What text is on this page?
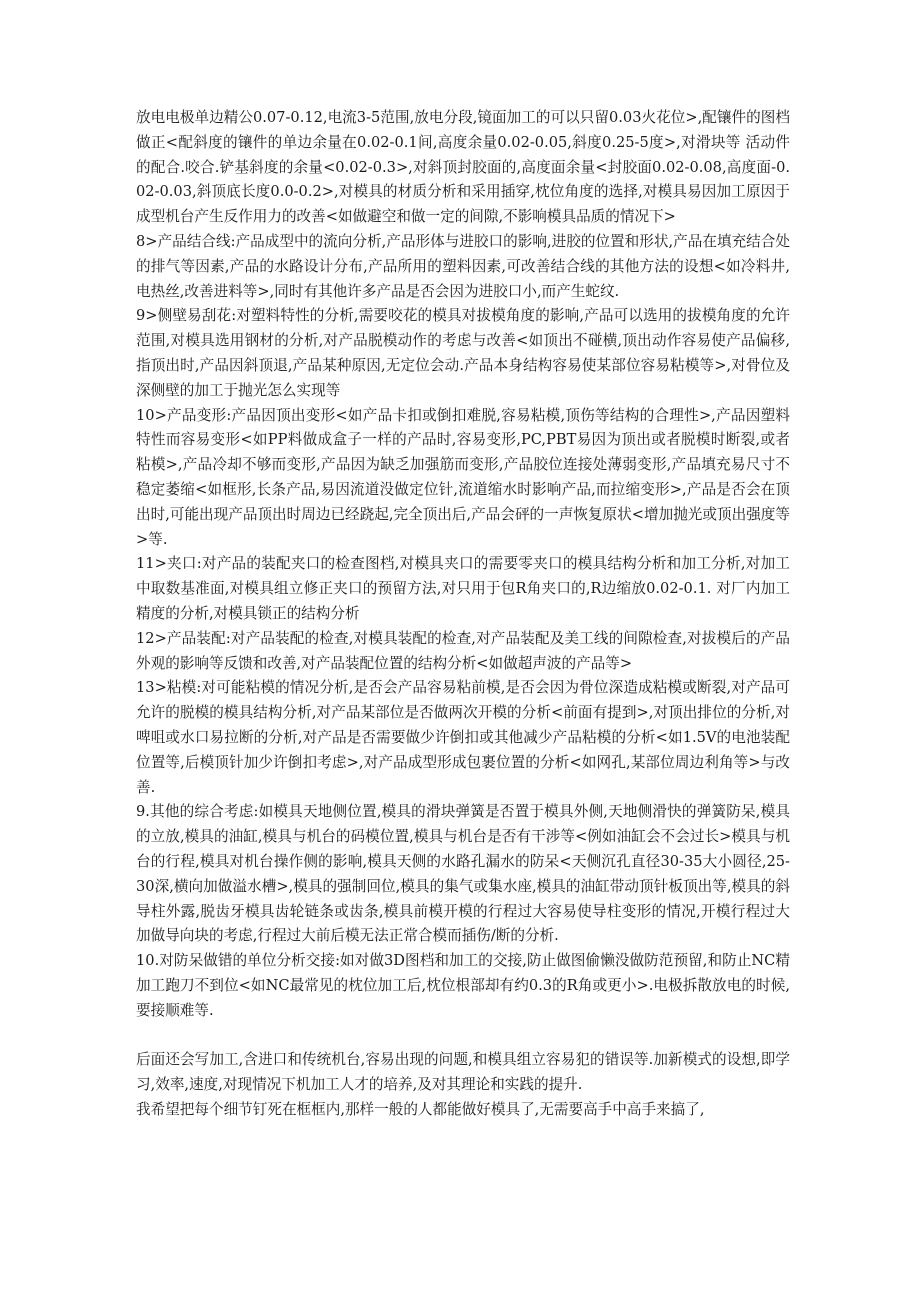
放电电极单边精公0.07-0.12,电流3-5范围,放电分段,镜面加工的可以只留0.03火花位>,配镶件的图档做正<配斜度的镶件的单边余量在0.02-0.1间,高度余量0.02-0.05,斜度0.25-5度>,对滑块等 活动件的配合.咬合.铲基斜度的余量<0.02-0.3>,对斜顶封胶面的,高度面余量<封胶面0.02-0.08,高度面-0.02-0.03,斜顶底长度0.0-0.2>,对模具的材质分析和采用插穿,枕位角度的选择,对模具易因加工原因于成型机台产生反作用力的改善<如做避空和做一定的间隙,不影响模具品质的情况下>

8>产品结合线:产品成型中的流向分析,产品形体与进胶口的影响,进胶的位置和形状,产品在填充结合处的排气等因素,产品的水路设计分布,产品所用的塑料因素,可改善结合线的其他方法的设想<如冷料井,电热丝,改善进料等>,同时有其他许多产品是否会因为进胶口小,而产生蛇纹.

9>侧壁易刮花:对塑料特性的分析,需要咬花的模具对拔模角度的影响,产品可以选用的拔模角度的允许范围,对模具选用钢材的分析,对产品脱模动作的考虑与改善<如顶出不碰横,顶出动作容易使产品偏移,指顶出时,产品因斜顶退,产品某种原因,无定位会动.产品本身结构容易使某部位容易粘模等>,对骨位及深侧壁的加工于抛光怎么实现等

10>产品变形:产品因顶出变形<如产品卡扣或倒扣难脱,容易粘模,顶伤等结构的合理性>,产品因塑料特性而容易变形<如PP料做成盒子一样的产品时,容易变形,PC,PBT易因为顶出或者脱模时断裂,或者粘模>,产品冷却不够而变形,产品因为缺乏加强筋而变形,产品胶位连接处薄弱变形,产品填充易尺寸不稳定萎缩<如框形,长条产品,易因流道没做定位针,流道缩水时影响产品,而拉缩变形>,产品是否会在顶出时,可能出现产品顶出时周边已经跷起,完全顶出后,产品会砰的一声恢复原状<增加抛光或顶出强度等>等.

11>夹口:对产品的装配夹口的检查图档,对模具夹口的需要零夹口的模具结构分析和加工分析,对加工中取数基准面,对模具组立修正夹口的预留方法,对只用于包R角夹口的,R边缩放0.02-0.1. 对厂内加工精度的分析,对模具锁正的结构分析

12>产品装配:对产品装配的检查,对模具装配的检查,对产品装配及美工线的间隙检查,对拔模后的产品外观的影响等反馈和改善,对产品装配位置的结构分析<如做超声波的产品等>

13>粘模:对可能粘模的情况分析,是否会产品容易粘前模,是否会因为骨位深造成粘模或断裂,对产品可允许的脱模的模具结构分析,对产品某部位是否做两次开模的分析<前面有提到>,对顶出排位的分析,对啤咀或水口易拉断的分析,对产品是否需要做少许倒扣或其他减少产品粘模的分析<如1.5V的电池装配位置等,后模顶针加少许倒扣考虑>,对产品成型形成包裹位置的分析<如网孔,某部位周边利角等>与改善.

9.其他的综合考虑:如模具天地侧位置,模具的滑块弹簧是否置于模具外侧,天地侧滑快的弹簧防呆,模具的立放,模具的油缸,模具与机台的码模位置,模具与机台是否有干涉等<例如油缸会不会过长>模具与机台的行程,模具对机台操作侧的影响,模具天侧的水路孔漏水的防呆<天侧沉孔直径30-35大小圆径,25-30深,横向加做溢水槽>,模具的强制回位,模具的集气或集水座,模具的油缸带动顶针板顶出等,模具的斜导柱外露,脱齿牙模具齿轮链条或齿条,模具前模开模的行程过大容易使导柱变形的情况,开模行程过大加做导向块的考虑,行程过大前后模无法正常合模而插伤/断的分析.

10.对防呆做错的单位分析交接:如对做3D图档和加工的交接,防止做图偷懒没做防范预留,和防止NC精加工跑刀不到位<如NC最常见的枕位加工后,枕位根部却有约0.3的R角或更小>.电极拆散放电的时候,要接顺难等.

后面还会写加工,含进口和传统机台,容易出现的问题,和模具组立容易犯的错误等.加新模式的设想,即学习,效率,速度,对现情况下机加工人才的培养,及对其理论和实践的提升.

我希望把每个细节钉死在框框内,那样一般的人都能做好模具了,无需要高手中高手来搞了,
